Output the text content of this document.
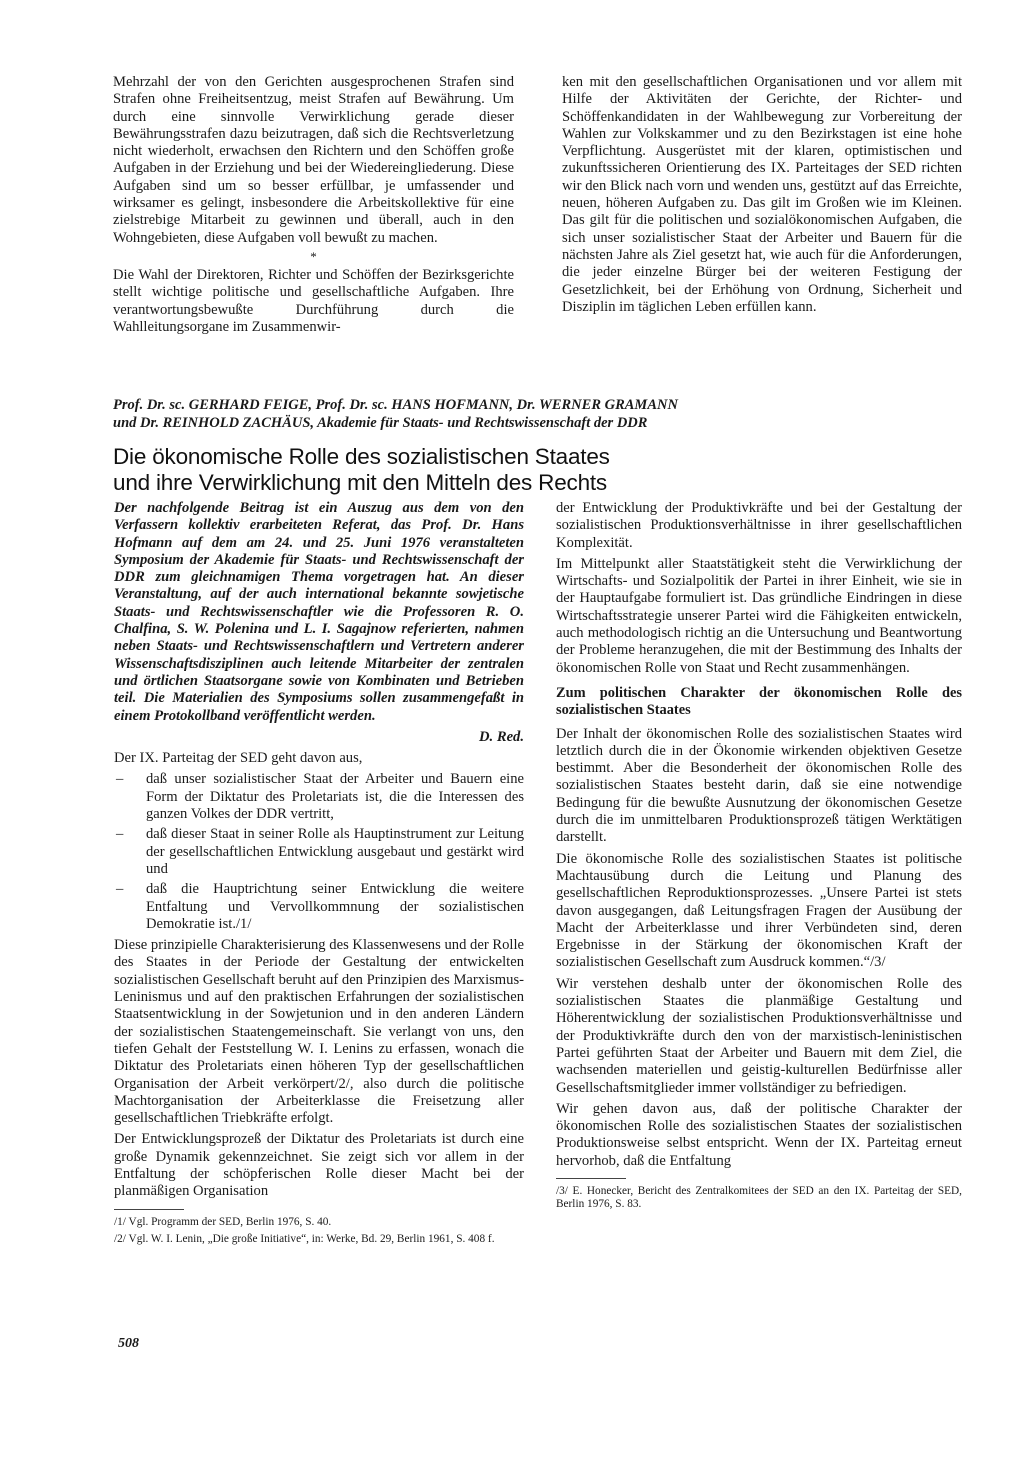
Mehrzahl der von den Gerichten ausgesprochenen Strafen sind Strafen ohne Freiheitsentzug, meist Strafen auf Bewährung. Um durch eine sinnvolle Verwirklichung gerade dieser Bewährungsstrafen dazu beizutragen, daß sich die Rechtsverletzung nicht wiederholt, erwachsen den Richtern und den Schöffen große Aufgaben in der Erziehung und bei der Wiedereingliederung. Diese Aufgaben sind um so besser erfüllbar, je umfassender und wirksamer es gelingt, insbesondere die Arbeitskollektive für eine zielstrebige Mitarbeit zu gewinnen und überall, auch in den Wohngebieten, diese Aufgaben voll bewußt zu machen.

*

Die Wahl der Direktoren, Richter und Schöffen der Bezirksgerichte stellt wichtige politische und gesellschaftliche Aufgaben. Ihre verantwortungsbewußte Durchführung durch die Wahlleitungsorgane im Zusammenwir-

ken mit den gesellschaftlichen Organisationen und vor allem mit Hilfe der Aktivitäten der Gerichte, der Richter- und Schöffenkandidaten in der Wahlbewegung zur Vorbereitung der Wahlen zur Volkskammer und zu den Bezirkstagen ist eine hohe Verpflichtung. Ausgerüstet mit der klaren, optimistischen und zukunftssicheren Orientierung des IX. Parteitages der SED richten wir den Blick nach vorn und wenden uns, gestützt auf das Erreichte, neuen, höheren Aufgaben zu. Das gilt im Großen wie im Kleinen. Das gilt für die politischen und sozialökonomischen Aufgaben, die sich unser sozialistischer Staat der Arbeiter und Bauern für die nächsten Jahre als Ziel gesetzt hat, wie auch für die Anforderungen, die jeder einzelne Bürger bei der weiteren Festigung der Gesetzlichkeit, bei der Erhöhung von Ordnung, Sicherheit und Disziplin im täglichen Leben erfüllen kann.

Prof. Dr. sc. GERHARD FEIGE, Prof. Dr. sc. HANS HOFMANN, Dr. WERNER GRAMANN
und Dr. REINHOLD ZACHÄUS, Akademie für Staats- und Rechtswissenschaft der DDR
Die ökonomische Rolle des sozialistischen Staates
und ihre Verwirklichung mit den Mitteln des Rechts

Der nachfolgende Beitrag ist ein Auszug aus dem von den Verfassern kollektiv erarbeiteten Referat, das Prof. Dr. Hans Hofmann auf dem am 24. und 25. Juni 1976 veranstalteten Symposium der Akademie für Staats- und Rechtswissenschaft der DDR zum gleichnamigen Thema vorgetragen hat. An dieser Veranstaltung, auf der auch international bekannte sowjetische Staats- und Rechtswissenschaftler wie die Professoren R. O. Chalfina, S. W. Polenina und L. I. Sagajnow referierten, nahmen neben Staats- und Rechtswissenschaftlern und Vertretern anderer Wissenschaftsdisziplinen auch leitende Mitarbeiter der zentralen und örtlichen Staatsorgane sowie von Kombinaten und Betrieben teil. Die Materialien des Symposiums sollen zusammengefaßt in einem Protokollband veröffentlicht werden.

D. Red.

Der IX. Parteitag der SED geht davon aus,

– daß unser sozialistischer Staat der Arbeiter und Bauern eine Form der Diktatur des Proletariats ist, die die Interessen des ganzen Volkes der DDR vertritt,
– daß dieser Staat in seiner Rolle als Hauptinstrument zur Leitung der gesellschaftlichen Entwicklung ausgebaut und gestärkt wird und
– daß die Hauptrichtung seiner Entwicklung die weitere Entfaltung und Vervollkommnung der sozialistischen Demokratie ist./1/

Diese prinzipielle Charakterisierung des Klassenwesens und der Rolle des Staates in der Periode der Gestaltung der entwickelten sozialistischen Gesellschaft beruht auf den Prinzipien des Marxismus-Leninismus und auf den praktischen Erfahrungen der sozialistischen Staatsentwicklung in der Sowjetunion und in den anderen Ländern der sozialistischen Staatengemeinschaft. Sie verlangt von uns, den tiefen Gehalt der Feststellung W. I. Lenins zu erfassen, wonach die Diktatur des Proletariats einen höheren Typ der gesellschaftlichen Organisation der Arbeit verkörpert/2/, also durch die politische Machtorganisation der Arbeiterklasse die Freisetzung aller gesellschaftlichen Triebkräfte erfolgt.

Der Entwicklungsprozeß der Diktatur des Proletariats ist durch eine große Dynamik gekennzeichnet. Sie zeigt sich vor allem in der Entfaltung der schöpferischen Rolle dieser Macht bei der planmäßigen Organisation

/1/ Vgl. Programm der SED, Berlin 1976, S. 40.

/2/ Vgl. W. I. Lenin, „Die große Initiative“, in: Werke, Bd. 29, Berlin 1961, S. 408 f.

der Entwicklung der Produktivkräfte und bei der Gestaltung der sozialistischen Produktionsverhältnisse in ihrer gesellschaftlichen Komplexität.

Im Mittelpunkt aller Staatstätigkeit steht die Verwirklichung der Wirtschafts- und Sozialpolitik der Partei in ihrer Einheit, wie sie in der Hauptaufgabe formuliert ist. Das gründliche Eindringen in diese Wirtschaftsstrategie unserer Partei wird die Fähigkeiten entwickeln, auch methodologisch richtig an die Untersuchung und Beantwortung der Probleme heranzugehen, die mit der Bestimmung des Inhalts der ökonomischen Rolle von Staat und Recht zusammenhängen.

Zum politischen Charakter der ökonomischen Rolle des sozialistischen Staates

Der Inhalt der ökonomischen Rolle des sozialistischen Staates wird letztlich durch die in der Ökonomie wirkenden objektiven Gesetze bestimmt. Aber die Besonderheit der ökonomischen Rolle des sozialistischen Staates besteht darin, daß sie eine notwendige Bedingung für die bewußte Ausnutzung der ökonomischen Gesetze durch die im unmittelbaren Produktionsprozeß tätigen Werktätigen darstellt.

Die ökonomische Rolle des sozialistischen Staates ist politische Machtausübung durch die Leitung und Planung des gesellschaftlichen Reproduktionsprozesses. „Unsere Partei ist stets davon ausgegangen, daß Leitungsfragen Fragen der Ausübung der Macht der Arbeiterklasse und ihrer Verbündeten sind, deren Ergebnisse in der Stärkung der ökonomischen Kraft der sozialistischen Gesellschaft zum Ausdruck kommen.“/3/

Wir verstehen deshalb unter der ökonomischen Rolle des sozialistischen Staates die planmäßige Gestaltung und Höherentwicklung der sozialistischen Produktionsverhältnisse und der Produktivkräfte durch den von der marxistisch-leninistischen Partei geführten Staat der Arbeiter und Bauern mit dem Ziel, die wachsenden materiellen und geistig-kulturellen Bedürfnisse aller Gesellschaftsmitglieder immer vollständiger zu befriedigen.

Wir gehen davon aus, daß der politische Charakter der ökonomischen Rolle des sozialistischen Staates der sozialistischen Produktionsweise selbst entspricht. Wenn der IX. Parteitag erneut hervorhob, daß die Entfaltung

/3/ E. Honecker, Bericht des Zentralkomitees der SED an den IX. Parteitag der SED, Berlin 1976, S. 83.

508
